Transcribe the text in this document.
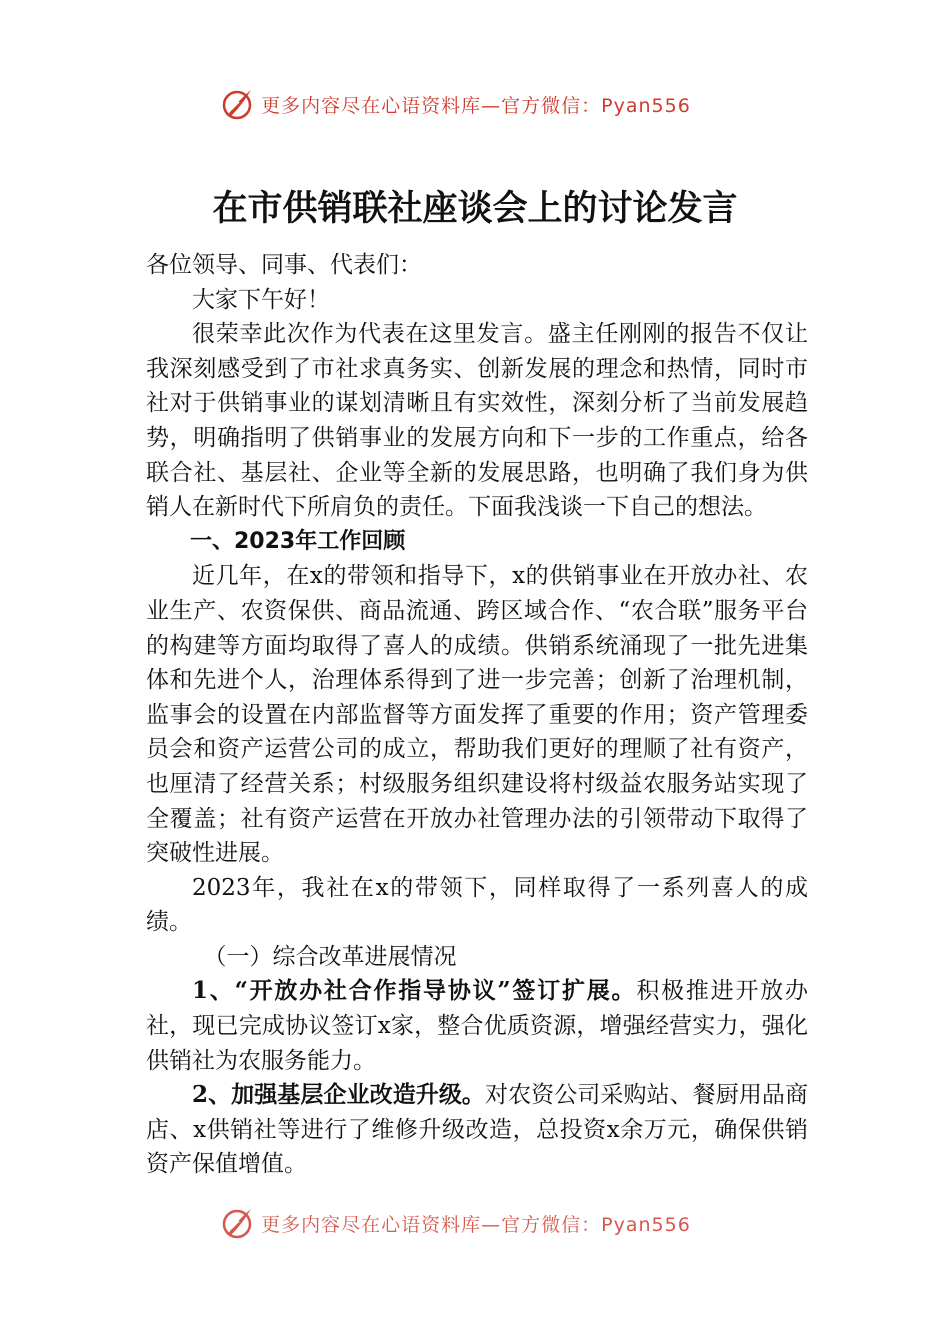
更多内容尽在心语资料库—官方微信：Pyan556
在市供销联社座谈会上的讨论发言

各位领导、同事、代表们：

大家下午好！

很荣幸此次作为代表在这里发言。盛主任刚刚的报告不仅让我深刻感受到了市社求真务实、创新发展的理念和热情，同时市社对于供销事业的谋划清晰且有实效性，深刻分析了当前发展趋势，明确指明了供销事业的发展方向和下一步的工作重点，给各联合社、基层社、企业等全新的发展思路，也明确了我们身为供销人在新时代下所肩负的责任。下面我浅谈一下自己的想法。

一、2023年工作回顾

近几年，在x的带领和指导下，x的供销事业在开放办社、农业生产、农资保供、商品流通、跨区域合作、“农合联”服务平台的构建等方面均取得了喜人的成绩。供销系统涌现了一批先进集体和先进个人，治理体系得到了进一步完善；创新了治理机制，监事会的设置在内部监督等方面发挥了重要的作用；资产管理委员会和资产运营公司的成立，帮助我们更好的理顺了社有资产，也厘清了经营关系；村级服务组织建设将村级益农服务站实现了全覆盖；社有资产运营在开放办社管理办法的引领带动下取得了突破性进展。

2023年，我社在x的带领下，同样取得了一系列喜人的成绩。

（一）综合改革进展情况

1、“开放办社合作指导协议”签订扩展。积极推进开放办社，现已完成协议签订x家，整合优质资源，增强经营实力，强化供销社为农服务能力。

2、加强基层企业改造升级。对农资公司采购站、餐厨用品商店、x供销社等进行了维修升级改造，总投资x余万元，确保供销资产保值增值。

更多内容尽在心语资料库—官方微信：Pyan556
